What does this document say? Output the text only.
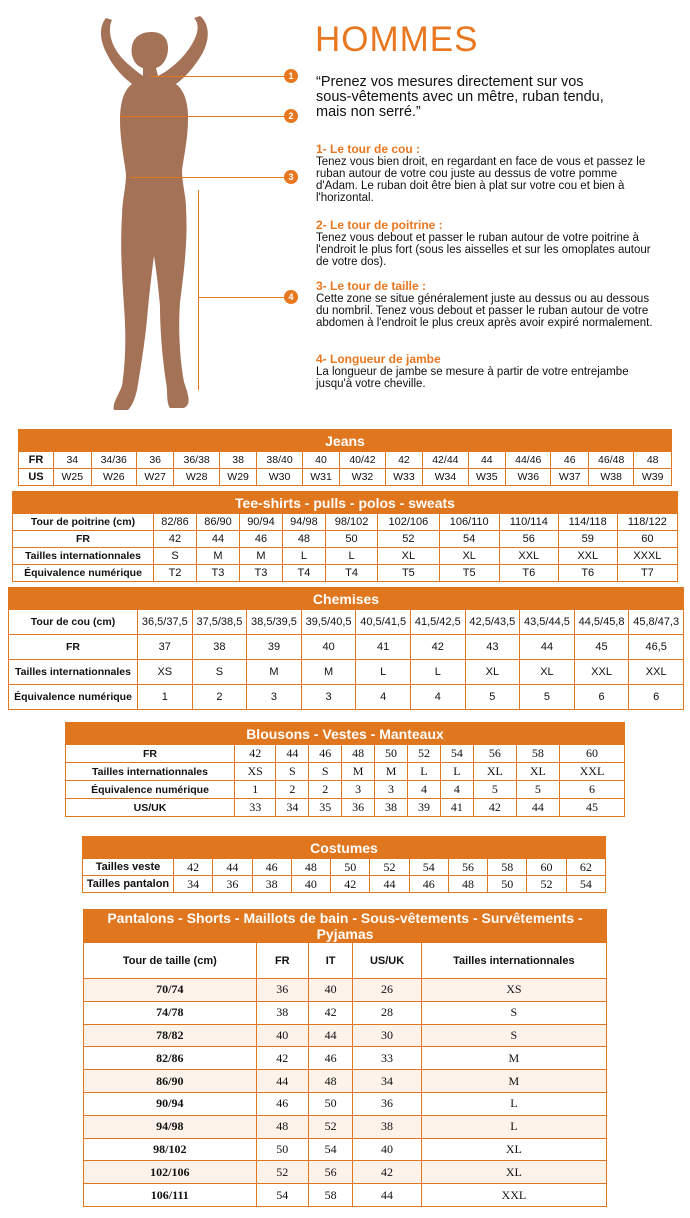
1
2
3
4
HOMMES
“Prenez vos mesures directement sur vos sous-vêtements avec un mêtre, ruban tendu, mais non serré.”
1- Le tour de cou :
Tenez vous bien droit, en regardant en face de vous et passez le ruban autour de votre cou juste au dessus de votre pomme d'Adam. Le ruban doit être bien à plat sur votre cou et bien à l'horizontal.
2- Le tour de poitrine :
Tenez vous debout et passer le ruban autour de votre poitrine à l'endroit le plus fort (sous les aisselles et sur les omoplates autour de votre dos).
3- Le tour de taille :
Cette zone se situe généralement juste au dessus ou au dessous du nombril. Tenez vous debout et passer le ruban autour de votre abdomen à l'endroit le plus creux après avoir expiré normalement.
4- Longueur de jambe
La longueur de jambe se mesure à partir de votre entrejambe jusqu'à votre cheville.
Jeans															
FR	34	34/36	36	36/38	38	38/40	40	40/42	42	42/44	44	44/46	46	46/48	48
US	W25	W26	W27	W28	W29	W30	W31	W32	W33	W34	W35	W36	W37	W38	W39
Tee-shirts - pulls - polos - sweats										
Tour de poitrine (cm)	82/86	86/90	90/94	94/98	98/102	102/106	106/110	110/114	114/118	118/122
FR	42	44	46	48	50	52	54	56	59	60
Tailles internationnales	S	M	M	L	L	XL	XL	XXL	XXL	XXXL
Équivalence numérique	T2	T3	T3	T4	T4	T5	T5	T6	T6	T7
Chemises										
Tour de cou (cm)	36,5/37,5	37,5/38,5	38,5/39,5	39,5/40,5	40,5/41,5	41,5/42,5	42,5/43,5	43,5/44,5	44,5/45,8	45,8/47,3
FR	37	38	39	40	41	42	43	44	45	46,5
Tailles internationnales	XS	S	M	M	L	L	XL	XL	XXL	XXL
Équivalence numérique	1	2	3	3	4	4	5	5	6	6
Blousons - Vestes - Manteaux										
FR	42	44	46	48	50	52	54	56	58	60
Tailles internationnales	XS	S	S	M	M	L	L	XL	XL	XXL
Équivalence numérique	1	2	2	3	3	4	4	5	5	6
US/UK	33	34	35	36	38	39	41	42	44	45
Costumes											
Tailles veste	42	44	46	48	50	52	54	56	58	60	62
Tailles pantalon	34	36	38	40	42	44	46	48	50	52	54
Pantalons - Shorts - Maillots de bain - Sous-vêtements - Survêtements - Pyjamas				
Tour de taille (cm)	FR	IT	US/UK	Tailles internationnales
70/74	36	40	26	XS
74/78	38	42	28	S
78/82	40	44	30	S
82/86	42	46	33	M
86/90	44	48	34	M
90/94	46	50	36	L
94/98	48	52	38	L
98/102	50	54	40	XL
102/106	52	56	42	XL
106/111	54	58	44	XXL
